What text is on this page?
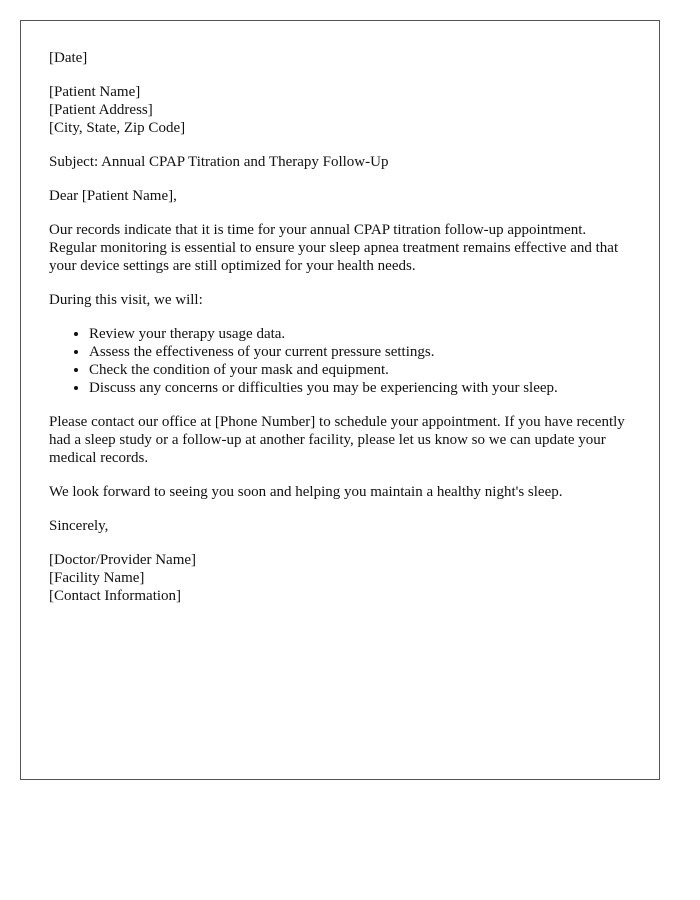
[Date]

[Patient Name]
[Patient Address]
[City, State, Zip Code]

Subject: Annual CPAP Titration and Therapy Follow-Up

Dear [Patient Name],

Our records indicate that it is time for your annual CPAP titration follow-up appointment. Regular monitoring is essential to ensure your sleep apnea treatment remains effective and that your device settings are still optimized for your health needs.

During this visit, we will:

• Review your therapy usage data.
• Assess the effectiveness of your current pressure settings.
• Check the condition of your mask and equipment.
• Discuss any concerns or difficulties you may be experiencing with your sleep.

Please contact our office at [Phone Number] to schedule your appointment. If you have recently had a sleep study or a follow-up at another facility, please let us know so we can update your medical records.

We look forward to seeing you soon and helping you maintain a healthy night's sleep.

Sincerely,

[Doctor/Provider Name]
[Facility Name]
[Contact Information]
